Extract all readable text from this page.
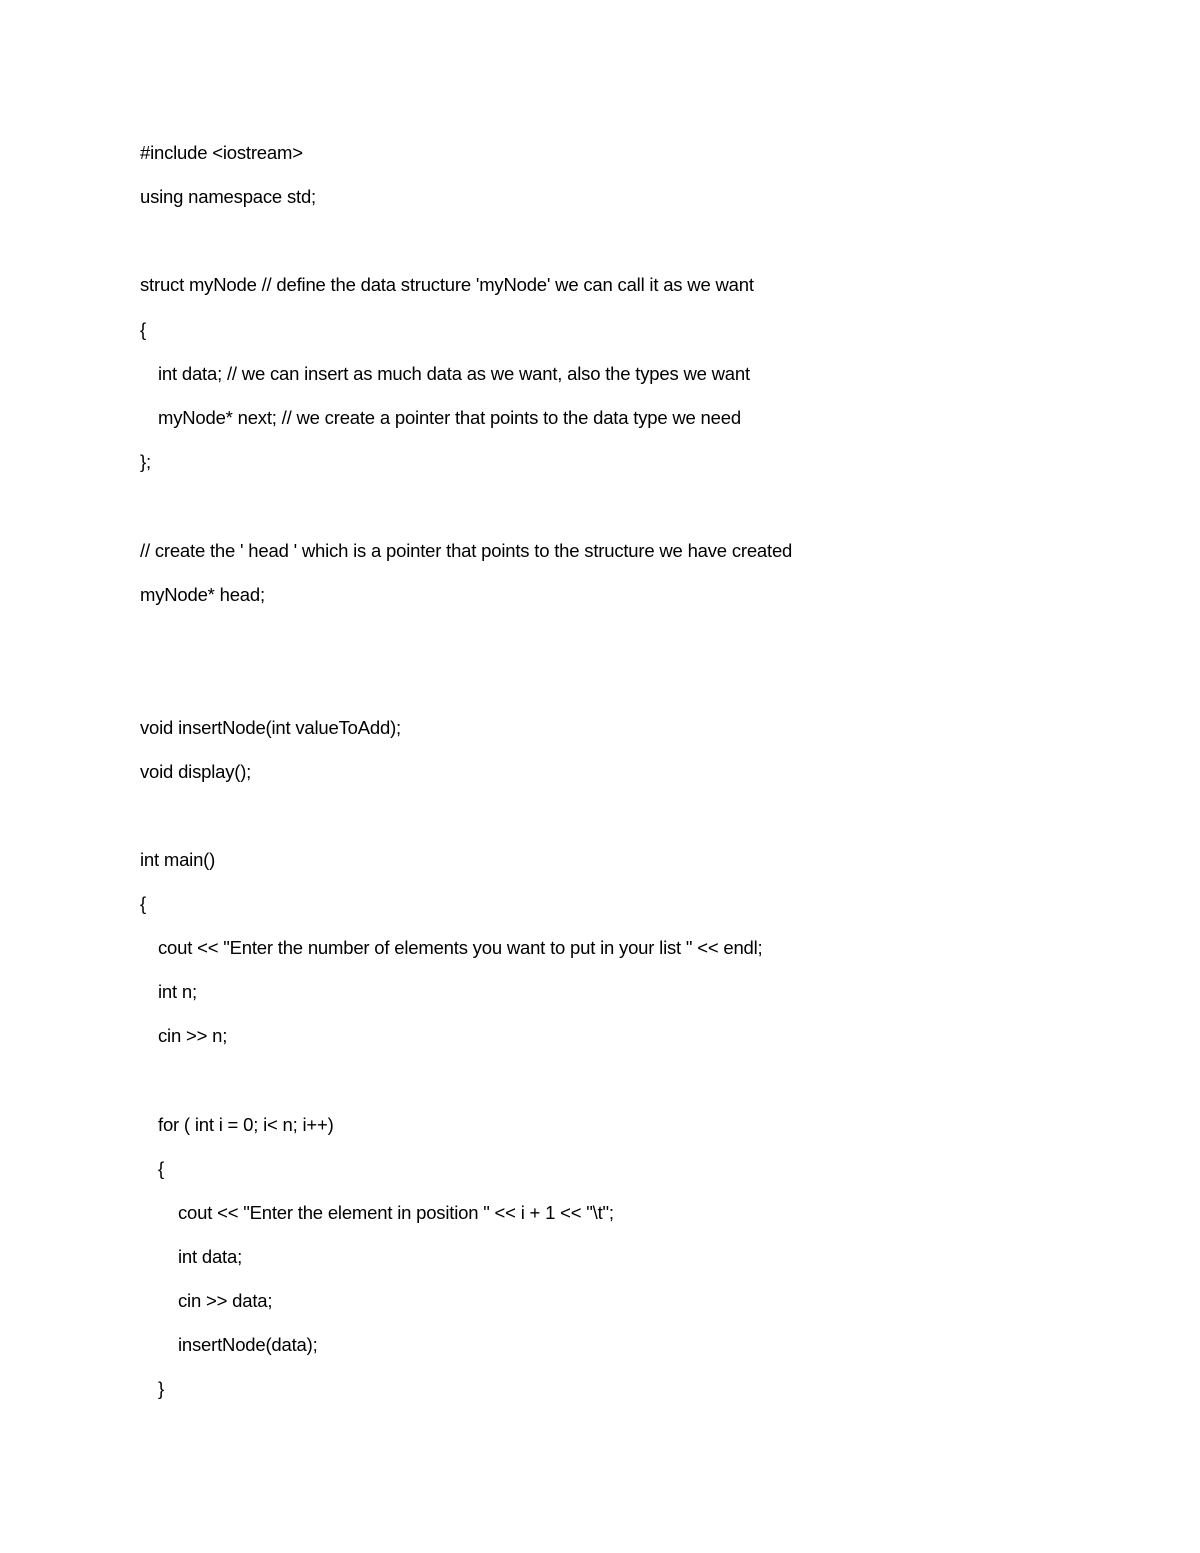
#include <iostream>
using namespace std;
struct myNode // define the data structure 'myNode' we can call it as we want
{
int data; // we can insert as much data as we want, also the types we want
myNode* next; // we create a pointer that points to the data type we need
};
// create the ' head ' which is a pointer that points to the structure we have created
myNode* head;
void insertNode(int valueToAdd);
void display();
int main()
{
cout << "Enter the number of elements you want to put in your list " << endl;
int n;
cin >> n;
for ( int i = 0; i< n; i++)
{
cout << "Enter the element in position " << i + 1 << "\t";
int data;
cin >> data;
insertNode(data);
}
